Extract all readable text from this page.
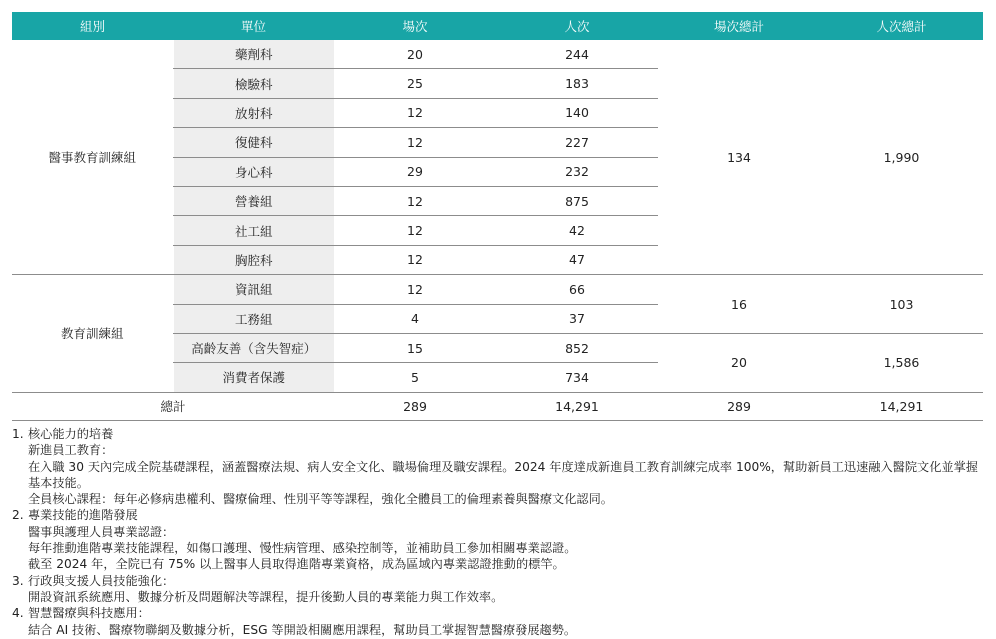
組別	單位	場次	人次	場次總計	人次總計
醫事教育訓練組	藥劑科	20	244	134	1,990
	檢驗科	25	183		
	放射科	12	140		
	復健科	12	227		
	身心科	29	232		
	營養組	12	875		
	社工組	12	42		
	胸腔科	12	47		
教育訓練組	資訊組	12	66	16	103
	工務組	4	37		
	高齡友善（含失智症）	15	852	20	1,586
	消費者保護	5	734		
總計		289	14,291	289	14,291
1. 核心能力的培養

新進員工教育：

在入職 30 天內完成全院基礎課程，涵蓋醫療法規、病人安全文化、職場倫理及職安課程。2024 年度達成新進員工教育訓練完成率 100%，幫助新員工迅速融入醫院文化並掌握基本技能。

全員核心課程：每年必修病患權利、醫療倫理、性別平等等課程，強化全體員工的倫理素養與醫療文化認同。

2. 專業技能的進階發展

醫事與護理人員專業認證：

每年推動進階專業技能課程，如傷口護理、慢性病管理、感染控制等，並補助員工參加相關專業認證。

截至 2024 年，全院已有 75% 以上醫事人員取得進階專業資格，成為區域內專業認證推動的標竿。

3. 行政與支援人員技能強化：

開設資訊系統應用、數據分析及問題解決等課程，提升後勤人員的專業能力與工作效率。

4. 智慧醫療與科技應用：

結合 AI 技術、醫療物聯網及數據分析，ESG 等開設相關應用課程，幫助員工掌握智慧醫療發展趨勢。
